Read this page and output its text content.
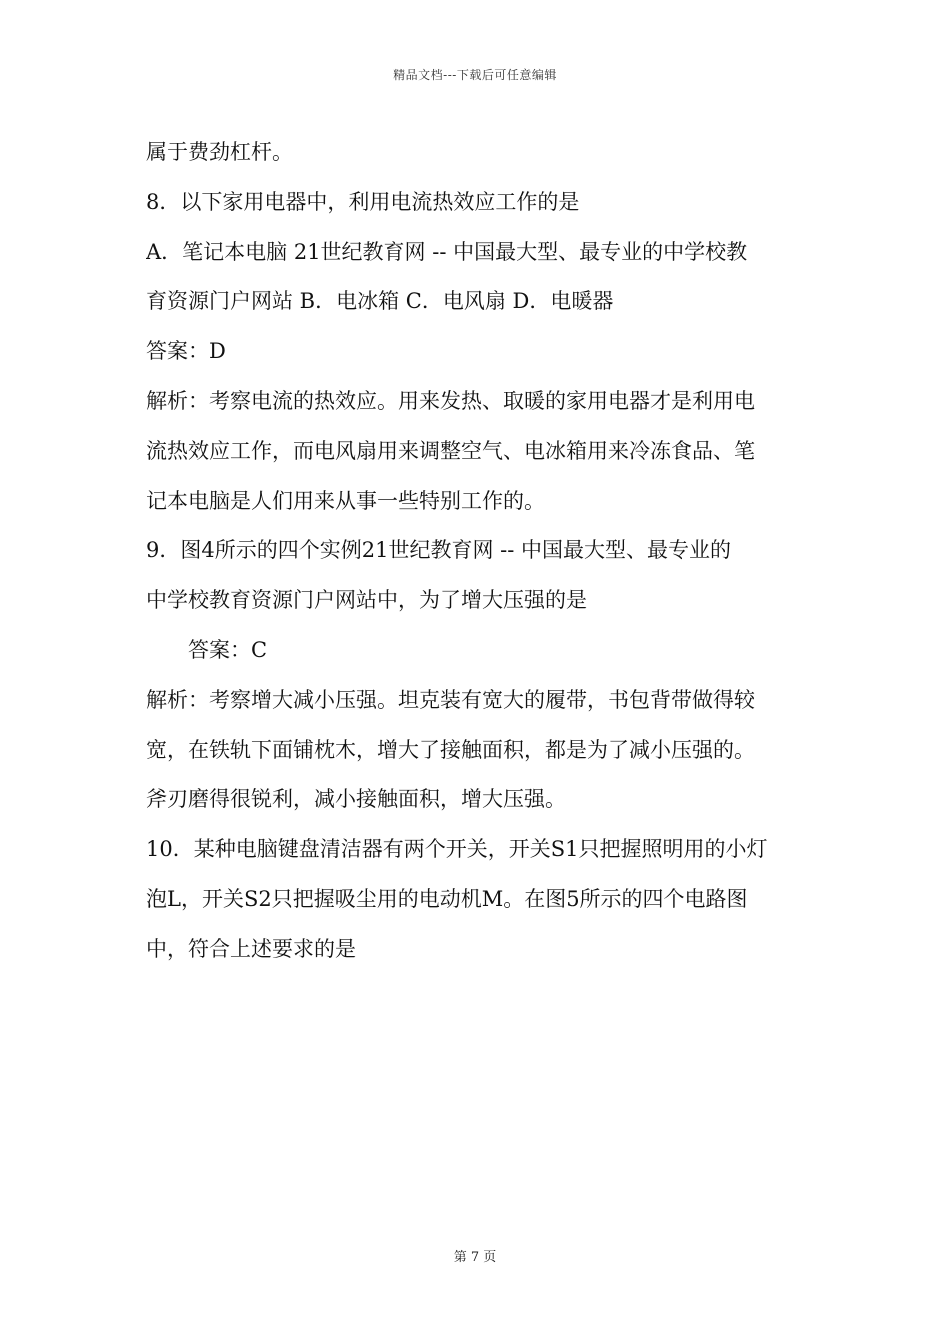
精品文档---下载后可任意编辑
属于费劲杠杆。
8．以下家用电器中，利用电流热效应工作的是
A．笔记本电脑 21世纪教育网 -- 中国最大型、最专业的中学校教
育资源门户网站 B．电冰箱 C．电风扇 D．电暖器
答案：D
解析：考察电流的热效应。用来发热、取暖的家用电器才是利用电
流热效应工作，而电风扇用来调整空气、电冰箱用来冷冻食品、笔
记本电脑是人们用来从事一些特别工作的。
9．图4所示的四个实例21世纪教育网 -- 中国最大型、最专业的
中学校教育资源门户网站中，为了增大压强的是
答案：C
解析：考察增大减小压强。坦克装有宽大的履带，书包背带做得较
宽，在铁轨下面铺枕木，增大了接触面积，都是为了减小压强的。
斧刃磨得很锐利，减小接触面积，增大压强。
10．某种电脑键盘清洁器有两个开关，开关S1只把握照明用的小灯
泡L，开关S2只把握吸尘用的电动机M。在图5所示的四个电路图
中，符合上述要求的是
第 7 页
